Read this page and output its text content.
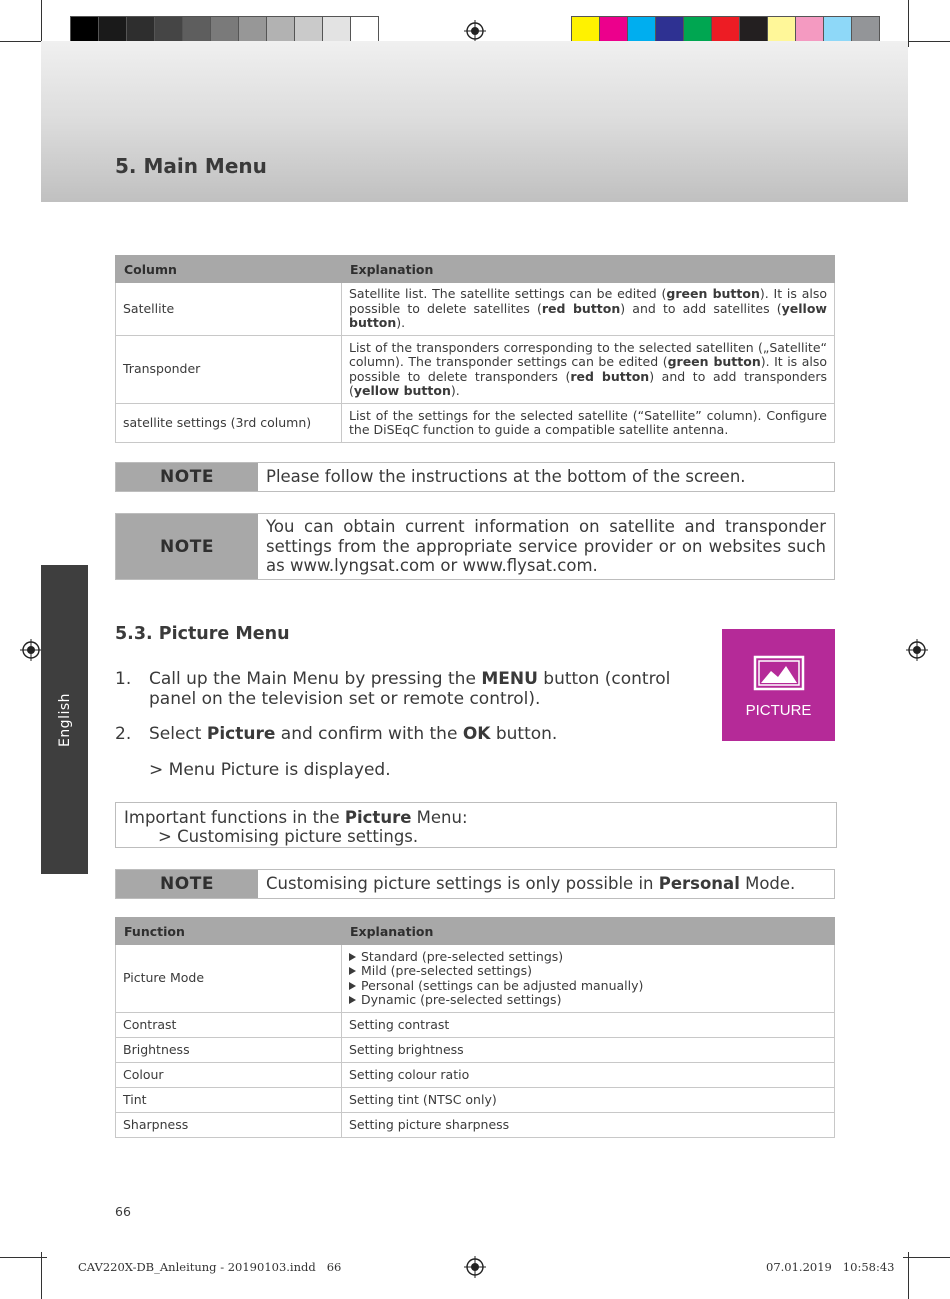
5. Main Menu
English
Column	Explanation
Satellite	Satellite list. The satellite settings can be edited (green button). It is also possible to delete satellites (red button) and to add satellites (yellow button).
Transponder	List of the transponders corresponding to the selected satelliten („Satellite“ column). The transponder settings can be edited (green button). It is also possible to delete transponders (red button) and to add transponders (yellow button).
satellite settings (3rd column)	List of the settings for the selected satellite (“Satellite” column). Configure the DiSEqC function to guide a compatible satellite antenna.
NOTE	Please follow the instructions at the bottom of the screen.
NOTE
You can obtain current information on satellite and transponder settings from the appropriate service provider or on websites such as www.lyngsat.com or www.flysat.com.
5.3. Picture Menu
1. Call up the Main Menu by pressing the MENU button (control panel on the television set or remote control).
2. Select Picture and confirm with the OK button.
> Menu Picture is displayed.
PICTURE
Important functions in the Picture Menu:
> Customising picture settings.
NOTE	Customising picture settings is only possible in Personal Mode.
Function	Explanation
Picture Mode	Standard (pre-selected settings)
Mild (pre-selected settings)
Personal (settings can be adjusted manually)
Dynamic (pre-selected settings)

Contrast	Setting contrast
Brightness	Setting brightness
Colour	Setting colour ratio
Tint	Setting tint (NTSC only)
Sharpness	Setting picture sharpness
66
CAV220X-DB_Anleitung - 20190103.indd   66	07.01.2019   10:58:43
